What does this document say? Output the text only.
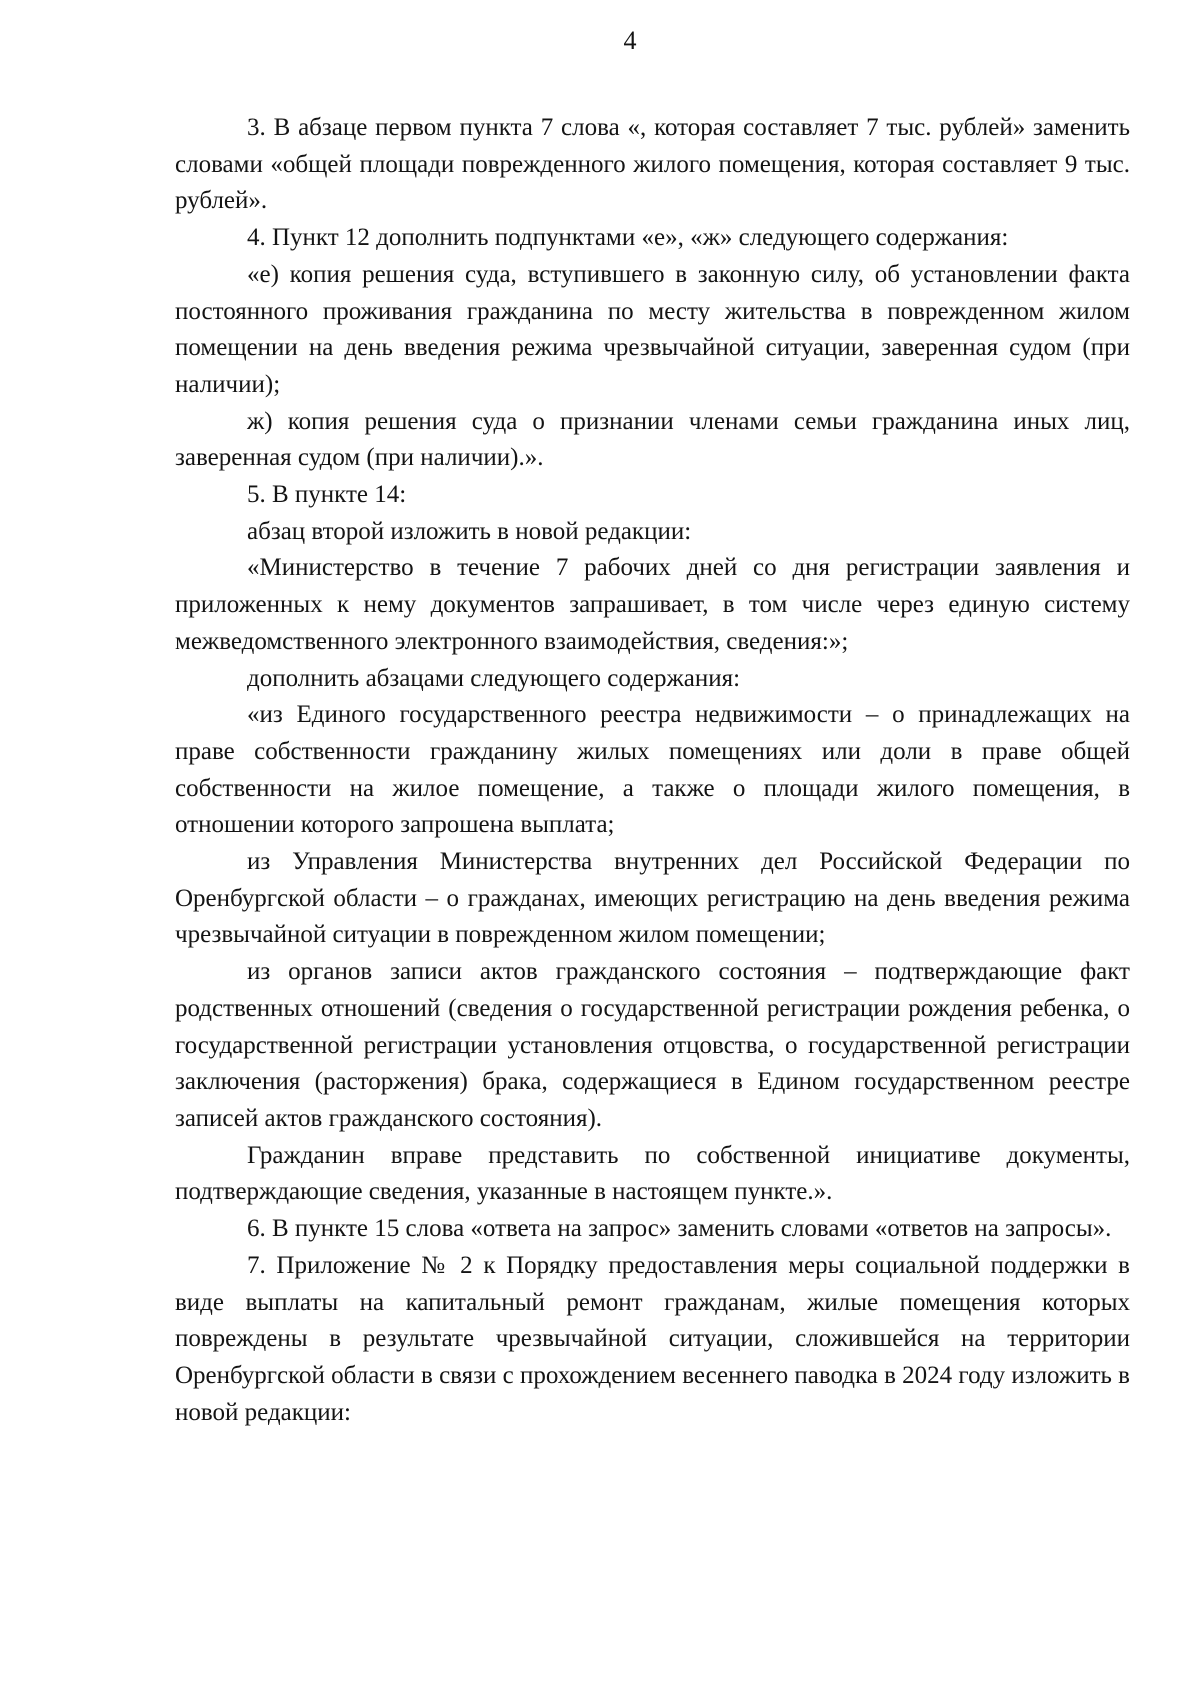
4

3. В абзаце первом пункта 7 слова «, которая составляет 7 тыс. рублей» заменить словами «общей площади поврежденного жилого помещения, которая составляет 9 тыс. рублей».

4. Пункт 12 дополнить подпунктами «е», «ж» следующего содержания:

«е) копия решения суда, вступившего в законную силу, об установлении факта постоянного проживания гражданина по месту жительства в поврежденном жилом помещении на день введения режима чрезвычайной ситуации, заверенная судом (при наличии);

ж) копия решения суда о признании членами семьи гражданина иных лиц, заверенная судом (при наличии).».

5. В пункте 14:

абзац второй изложить в новой редакции:

«Министерство в течение 7 рабочих дней со дня регистрации заявления и приложенных к нему документов запрашивает, в том числе через единую систему межведомственного электронного взаимодействия, сведения:»;

дополнить абзацами следующего содержания:

«из Единого государственного реестра недвижимости – о принадлежащих на праве собственности гражданину жилых помещениях или доли в праве общей собственности на жилое помещение, а также о площади жилого помещения, в отношении которого запрошена выплата;

из Управления Министерства внутренних дел Российской Федерации по Оренбургской области – о гражданах, имеющих регистрацию на день введения режима чрезвычайной ситуации в поврежденном жилом помещении;

из органов записи актов гражданского состояния – подтверждающие факт родственных отношений (сведения о государственной регистрации рождения ребенка, о государственной регистрации установления отцовства, о государственной регистрации заключения (расторжения) брака, содержащиеся в Едином государственном реестре записей актов гражданского состояния).

Гражданин вправе представить по собственной инициативе документы, подтверждающие сведения, указанные в настоящем пункте.».

6. В пункте 15 слова «ответа на запрос» заменить словами «ответов на запросы».

7. Приложение № 2 к Порядку предоставления меры социальной поддержки в виде выплаты на капитальный ремонт гражданам, жилые помещения которых повреждены в результате чрезвычайной ситуации, сложившейся на территории Оренбургской области в связи с прохождением весеннего паводка в 2024 году изложить в новой редакции:
